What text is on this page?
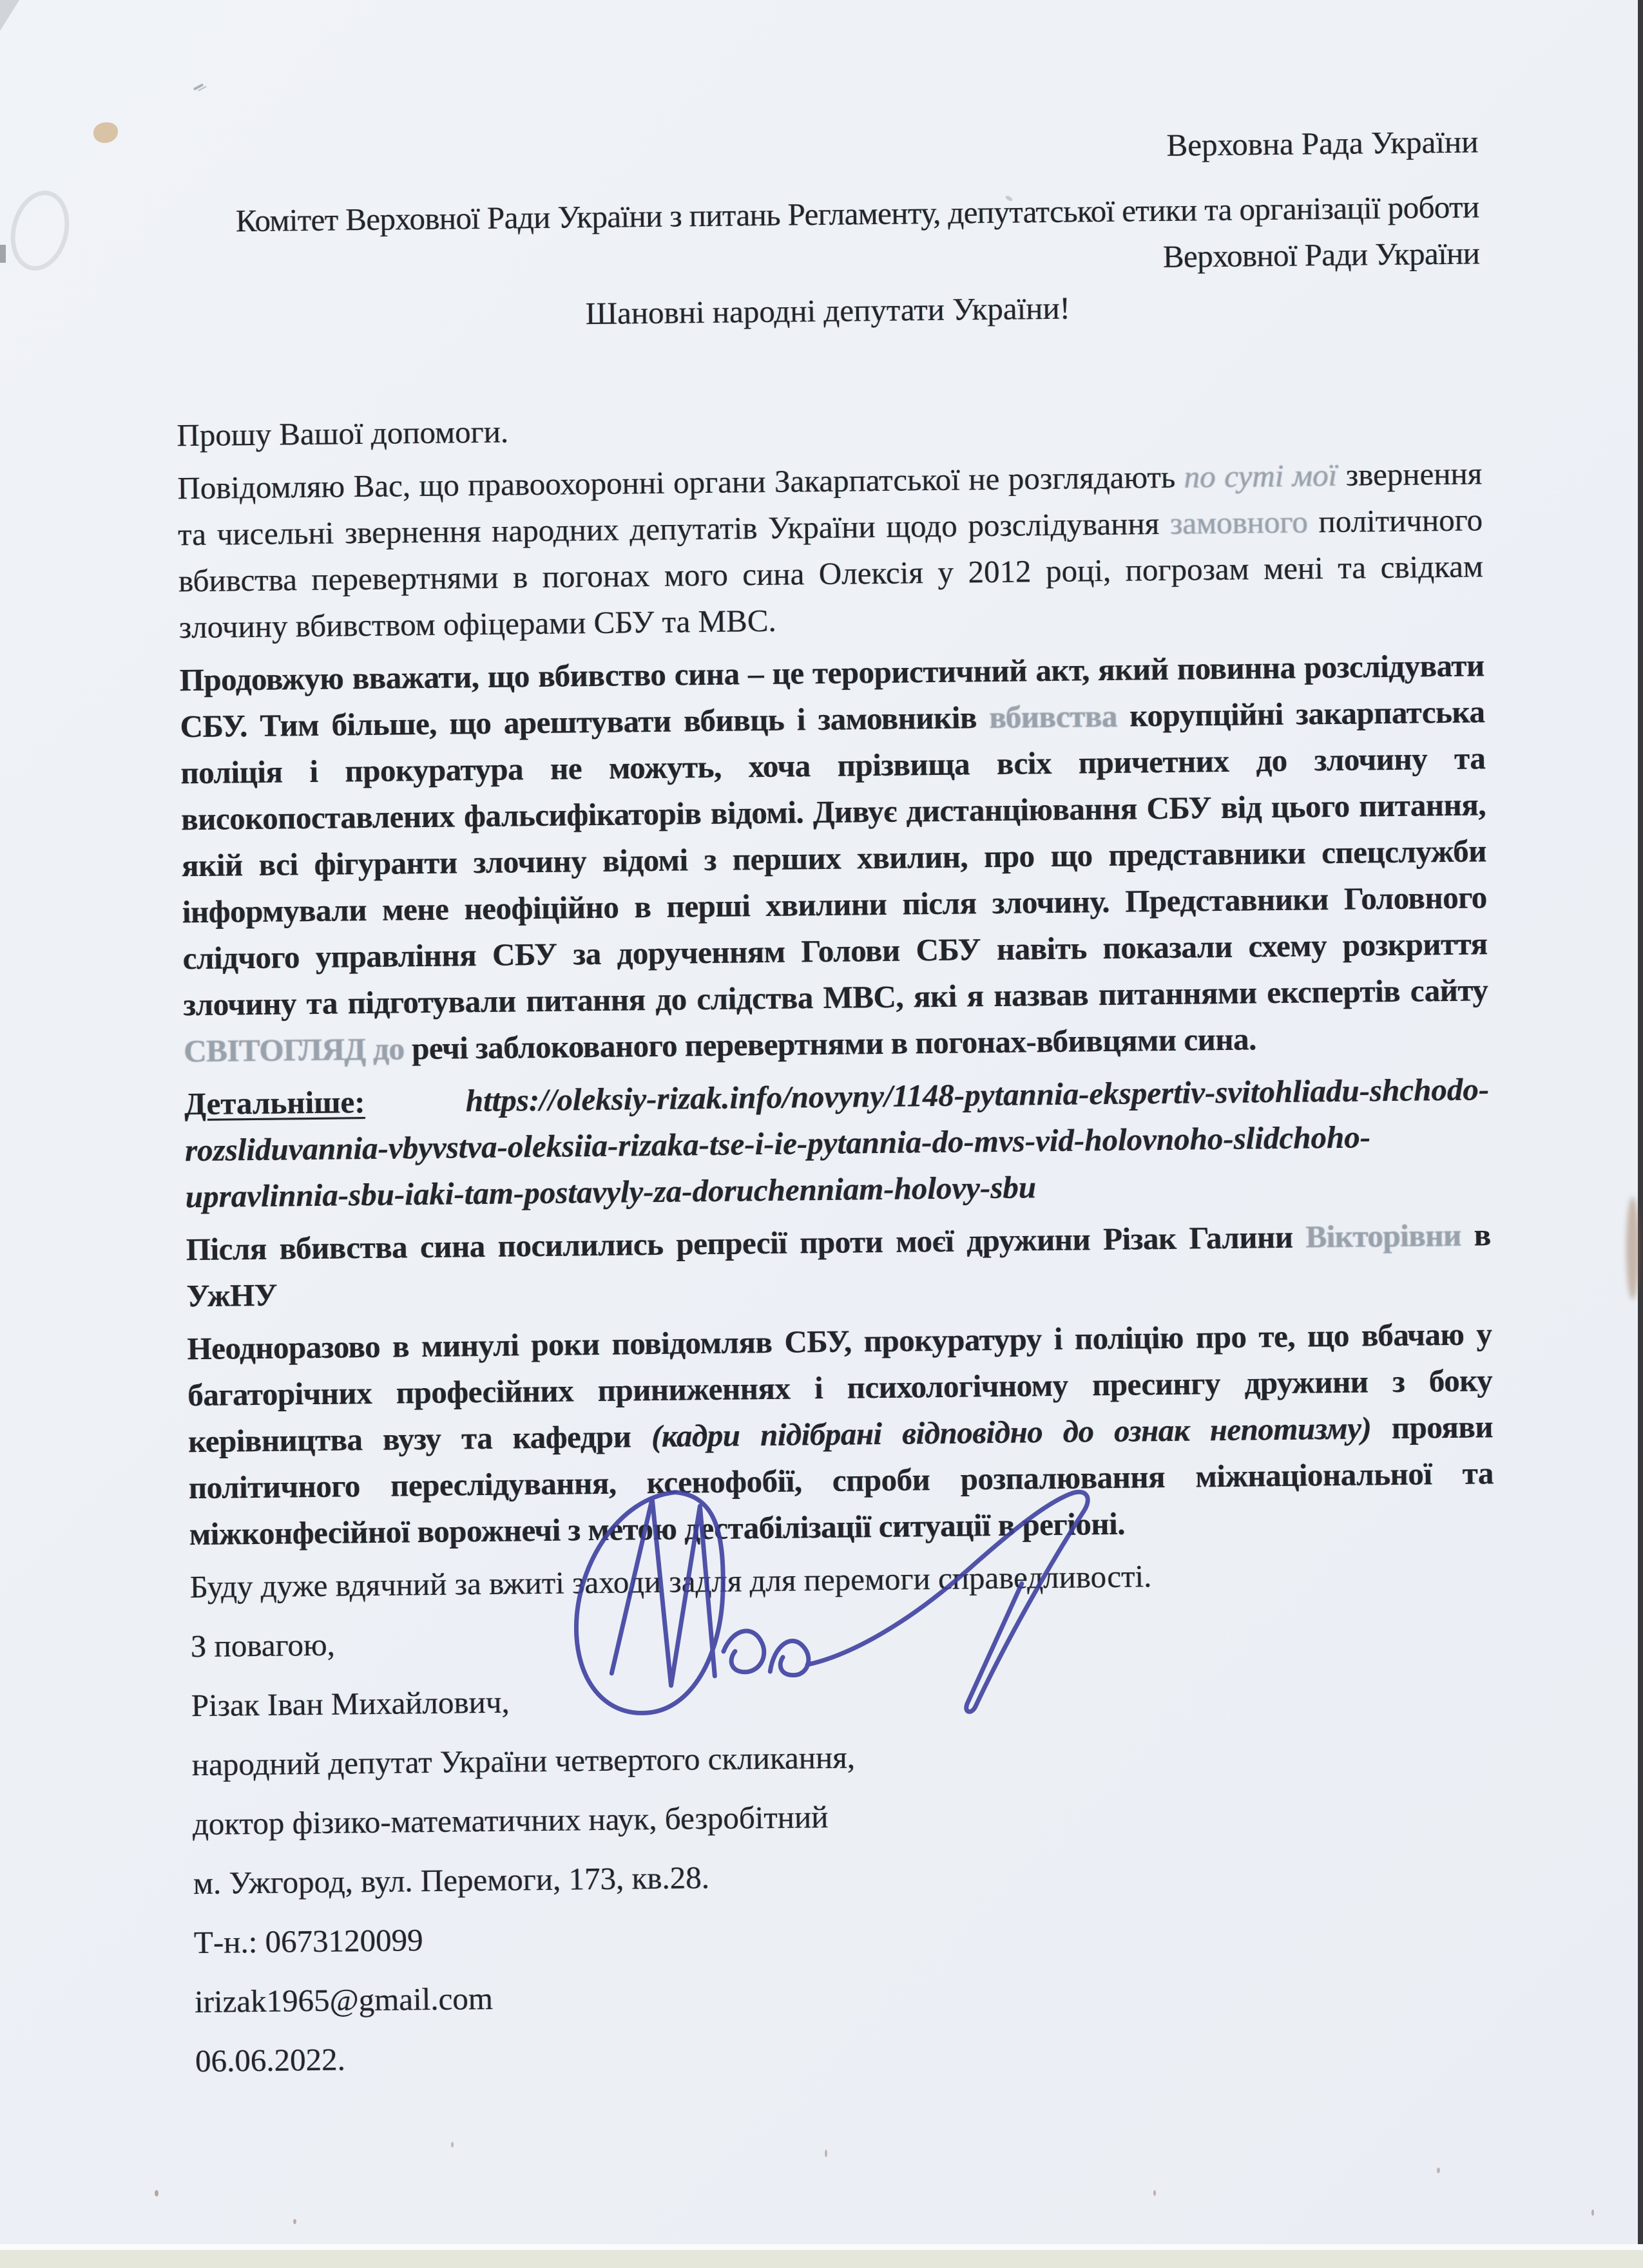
Верховна Рада України
Комітет Верховної Ради України з питань Регламенту, депутатської етики та організації роботи Верховної Ради України
Шановні народні депутати України!

Прошу Вашої допомоги.

Повідомляю Вас, що правоохоронні органи Закарпатської не розглядають по суті мої звернення та чисельні звернення народних депутатів України щодо розслідування замовного політичного вбивства перевертнями в погонах мого сина Олексія у 2012 році, погрозам мені та свідкам злочину вбивством офіцерами СБУ та МВС.

Продовжую вважати, що вбивство сина – це терористичний акт, який повинна розслідувати СБУ. Тим більше, що арештувати вбивць і замовників вбивства корупційні закарпатська поліція і прокуратура не можуть, хоча прізвища всіх причетних до злочину та високопоставлених фальсифікаторів відомі. Дивує дистанціювання СБУ від цього питання, якій всі фігуранти злочину відомі з перших хвилин, про що представники спецслужби інформували мене неофіційно в перші хвилини після злочину. Представники Головного слідчого управління СБУ за дорученням Голови СБУ навіть показали схему розкриття злочину та підготували питання до слідства МВС, які я назвав питаннями експертів сайту СВІТОГЛЯД до речі заблокованого перевертнями в погонах-вбивцями сина.

Детальніше:	https://oleksiy-rizak.info/novyny/1148-pytannia-ekspertiv-svitohliadu-shchodo-rozsliduvannia-vbyvstva-oleksiia-rizaka-tse-i-ie-pytannia-do-mvs-vid-holovnoho-slidchoho-upravlinnia-sbu-iaki-tam-postavyly-za-doruchenniam-holovy-sbu

Після вбивства сина посилились репресії проти моєї дружини Різак Галини Вікторівни в УжНУ

Неодноразово в минулі роки повідомляв СБУ, прокуратуру і поліцію про те, що вбачаю у багаторічних професійних приниженнях і психологічному пресингу дружини з боку керівництва вузу та кафедри (кадри підібрані відповідно до ознак непотизму) прояви політичного переслідування, ксенофобії, спроби розпалювання міжнаціональної та міжконфесійної ворожнечі з метою дестабілізації ситуації в регіоні.

Буду дуже вдячний за вжиті заходи задля для перемоги справедливості.

З повагою,

Різак Іван Михайлович,

народний депутат України четвертого скликання,

доктор фізико-математичних наук, безробітний

м. Ужгород, вул. Перемоги, 173, кв.28.

Т-н.: 0673120099

irizak1965@gmail.com

06.06.2022.
